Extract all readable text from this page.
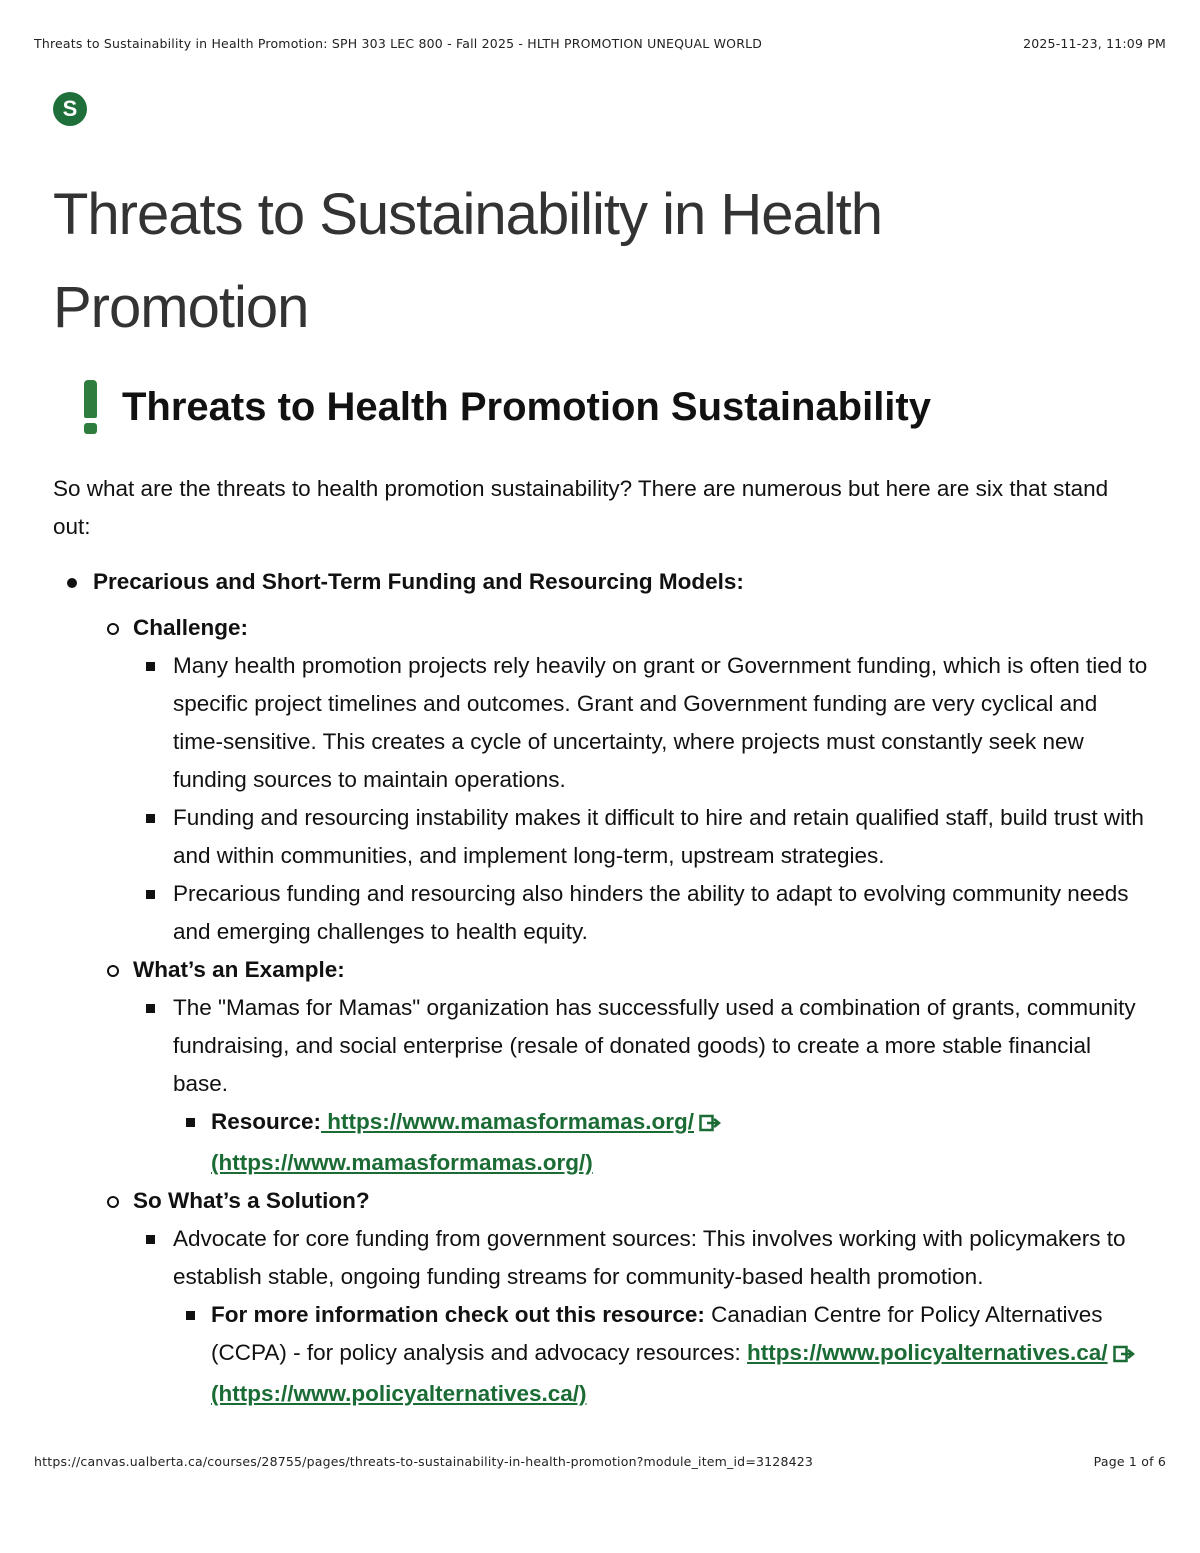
Threats to Sustainability in Health Promotion: SPH 303 LEC 800 - Fall 2025 - HLTH PROMOTION UNEQUAL WORLD	2025-11-23, 11:09 PM
S
Threats to Sustainability in Health Promotion
Threats to Health Promotion Sustainability

So what are the threats to health promotion sustainability? There are numerous but here are six that stand out:

Precarious and Short-Term Funding and Resourcing Models:
Challenge:
Many health promotion projects rely heavily on grant or Government funding, which is often tied to specific project timelines and outcomes. Grant and Government funding are very cyclical and time-sensitive. This creates a cycle of uncertainty, where projects must constantly seek new funding sources to maintain operations.
Funding and resourcing instability makes it difficult to hire and retain qualified staff, build trust with and within communities, and implement long-term, upstream strategies.
Precarious funding and resourcing also hinders the ability to adapt to evolving community needs and emerging challenges to health equity.
What’s an Example:
The "Mamas for Mamas" organization has successfully used a combination of grants, community fundraising, and social enterprise (resale of donated goods) to create a more stable financial base.
Resource: https://www.mamasformamas.org/
(https://www.mamasformamas.org/)
So What’s a Solution?
Advocate for core funding from government sources: This involves working with policymakers to establish stable, ongoing funding streams for community-based health promotion.
For more information check out this resource: Canadian Centre for Policy Alternatives (CCPA) - for policy analysis and advocacy resources: https://www.policyalternatives.ca/ (https://www.policyalternatives.ca/)
https://canvas.ualberta.ca/courses/28755/pages/threats-to-sustainability-in-health-promotion?module_item_id=3128423	Page 1 of 6
